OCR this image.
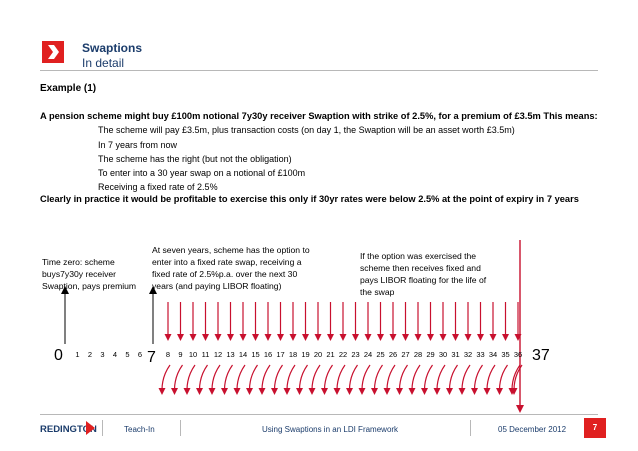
Swaptions
In detail
Example (1)
A pension scheme might buy £100m notional 7y30y receiver Swaption with strike of 2.5%, for a premium of £3.5m This means:
The scheme will pay £3.5m, plus transaction costs (on day 1, the Swaption will be an asset worth £3.5m)
In 7 years from now
The scheme has the right (but not the obligation)
To enter into a 30 year swap on a notional of £100m
Receiving a fixed rate of 2.5%
Clearly in practice it would be profitable to exercise this only if 30yr rates were below 2.5% at the point of expiry in 7 years
Time zero: scheme
buys7y30y receiver
Swaption, pays premium
At seven years, scheme has the option to
enter into a fixed rate swap, receiving a
fixed rate of 2.5%p.a. over the next 30
years (and paying LIBOR floating)
If the option was exercised the
scheme then receives fixed and
pays LIBOR floating for the life of
the swap
0	7	37
1	2	3	4	5	6	8	9 10 11 12 13 14 15 16 17 18 19 20 21 22 23 24 25 26 27 28 29 30 31 32 33 34 35 36
REDINGTON	Teach-In	Using Swaptions in an LDI Framework	05 December 2012	7
